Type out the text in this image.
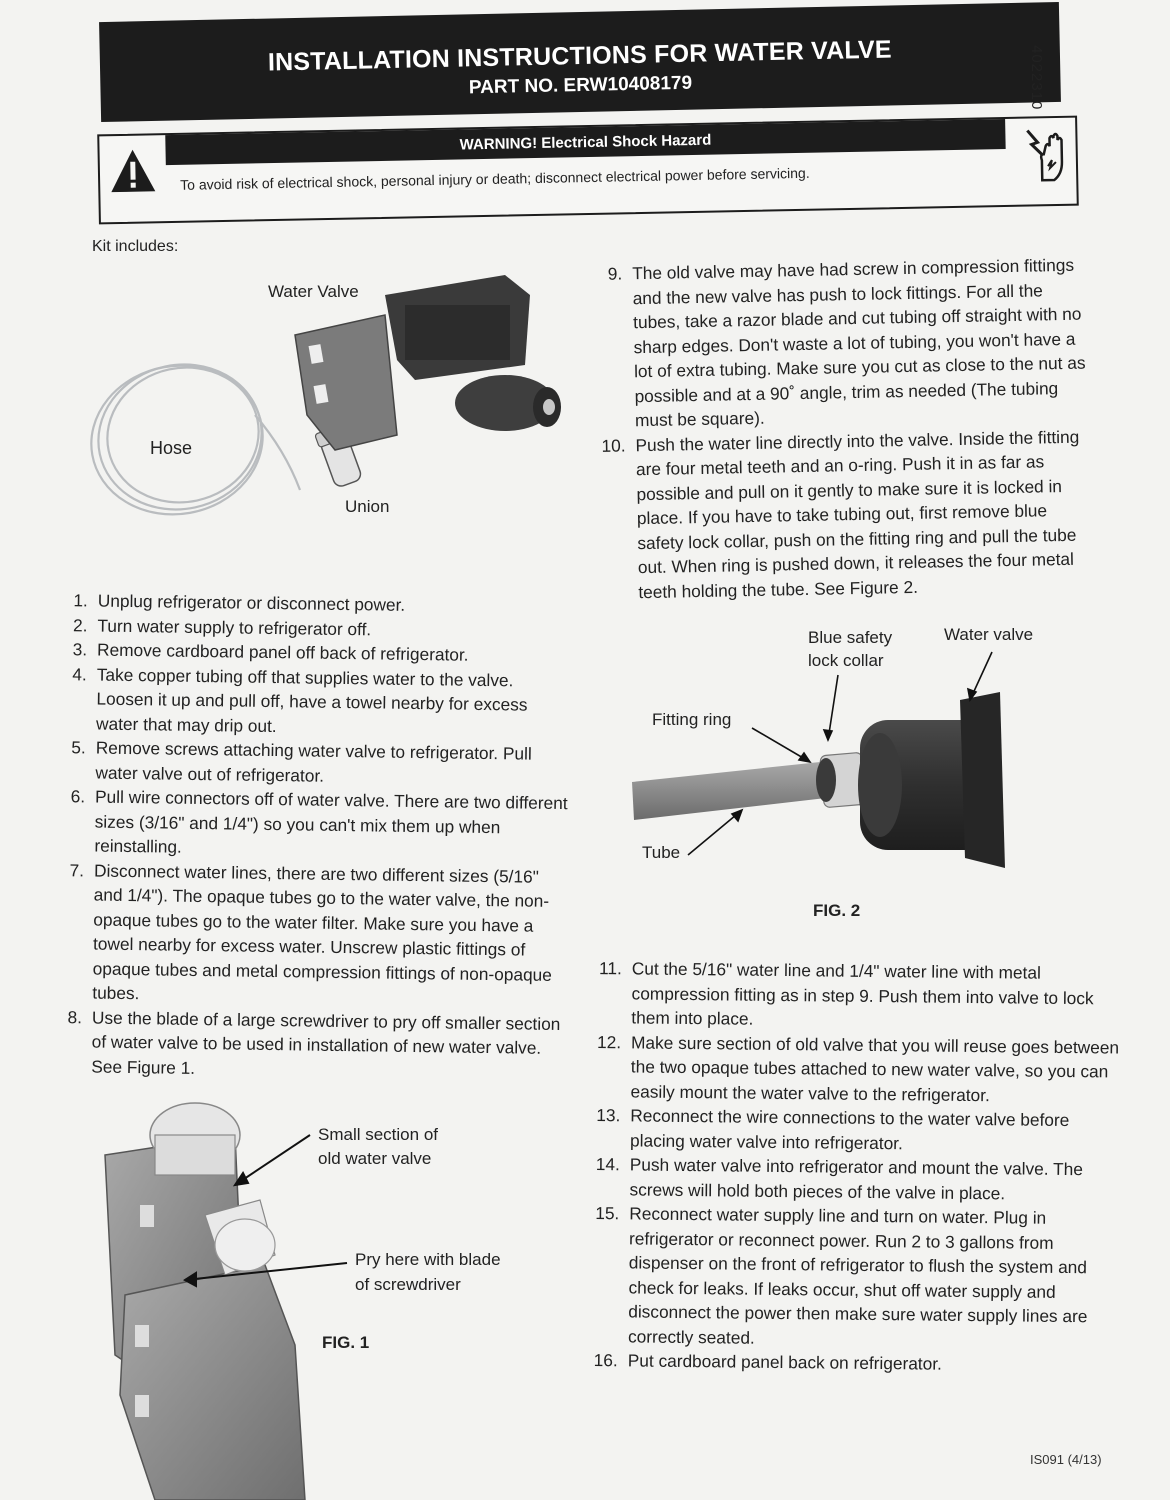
INSTALLATION INSTRUCTIONS FOR WATER VALVE
PART NO. ERW10408179	4022310
WARNING! Electrical Shock Hazard
To avoid risk of electrical shock, personal injury or death; disconnect electrical power before servicing.
Kit includes:
Water Valve
Hose
Union
1. Unplug refrigerator or disconnect power.
2. Turn water supply to refrigerator off.
3. Remove cardboard panel off back of refrigerator.
4. Take copper tubing off that supplies water to the valve. Loosen it up and pull off, have a towel nearby for excess water that may drip out.
5. Remove screws attaching water valve to refrigerator. Pull water valve out of refrigerator.
6. Pull wire connectors off of water valve. There are two different sizes (3/16" and 1/4") so you can't mix them up when reinstalling.
7. Disconnect water lines, there are two different sizes (5/16" and 1/4"). The opaque tubes go to the water valve, the non-opaque tubes go to the water filter. Make sure you have a towel nearby for excess water. Unscrew plastic fittings of opaque tubes and metal compression fittings of non-opaque tubes.
8. Use the blade of a large screwdriver to pry off smaller section of water valve to be used in installation of new water valve. See Figure 1.
Small section of
old water valve
Pry here with blade
of screwdriver
FIG. 1
9. The old valve may have had screw in compression fittings and the new valve has push to lock fittings. For all the tubes, take a razor blade and cut tubing off straight with no sharp edges. Don't waste a lot of tubing, you won't have a lot of extra tubing. Make sure you cut as close to the nut as possible and at a 90˚ angle, trim as needed (The tubing must be square).
10. Push the water line directly into the valve. Inside the fitting are four metal teeth and an o-ring. Push it in as far as possible and pull on it gently to make sure it is locked in place. If you have to take tubing out, first remove blue safety lock collar, push on the fitting ring and pull the tube out. When ring is pushed down, it releases the four metal teeth holding the tube. See Figure 2.
Blue safety
lock collar
Water valve
Fitting ring
Tube
FIG. 2
11. Cut the 5/16" water line and 1/4" water line with metal compression fitting as in step 9. Push them into valve to lock them into place.
12. Make sure section of old valve that you will reuse goes between the two opaque tubes attached to new water valve, so you can easily mount the water valve to the refrigerator.
13. Reconnect the wire connections to the water valve before placing water valve into refrigerator.
14. Push water valve into refrigerator and mount the valve. The screws will hold both pieces of the valve in place.
15. Reconnect water supply line and turn on water. Plug in refrigerator or reconnect power. Run 2 to 3 gallons from dispenser on the front of refrigerator to flush the system and check for leaks. If leaks occur, shut off water supply and disconnect the power then make sure water supply lines are correctly seated.
16. Put cardboard panel back on refrigerator.
IS091 (4/13)
